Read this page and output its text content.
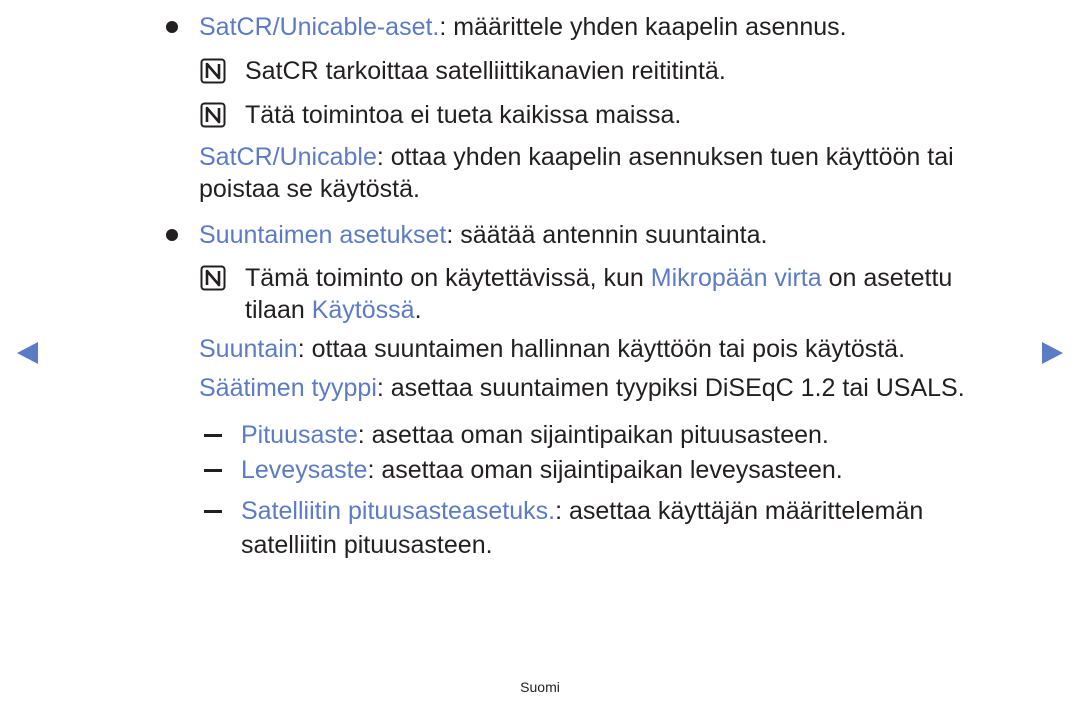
SatCR/Unicable-aset.: määrittele yhden kaapelin asennus.
SatCR tarkoittaa satelliittikanavien reititintä.
Tätä toimintoa ei tueta kaikissa maissa.
SatCR/Unicable: ottaa yhden kaapelin asennuksen tuen käyttöön tai
poistaa se käytöstä.
Suuntaimen asetukset: säätää antennin suuntainta.
Tämä toiminto on käytettävissä, kun Mikropään virta on asetettu
tilaan Käytössä.
Suuntain: ottaa suuntaimen hallinnan käyttöön tai pois käytöstä.
Säätimen tyyppi: asettaa suuntaimen tyypiksi DiSEqC 1.2 tai USALS.
Pituusaste: asettaa oman sijaintipaikan pituusasteen.
Leveysaste: asettaa oman sijaintipaikan leveysasteen.
Satelliitin pituusasteasetuks.: asettaa käyttäjän määrittelemän
satelliitin pituusasteen.
Suomi
